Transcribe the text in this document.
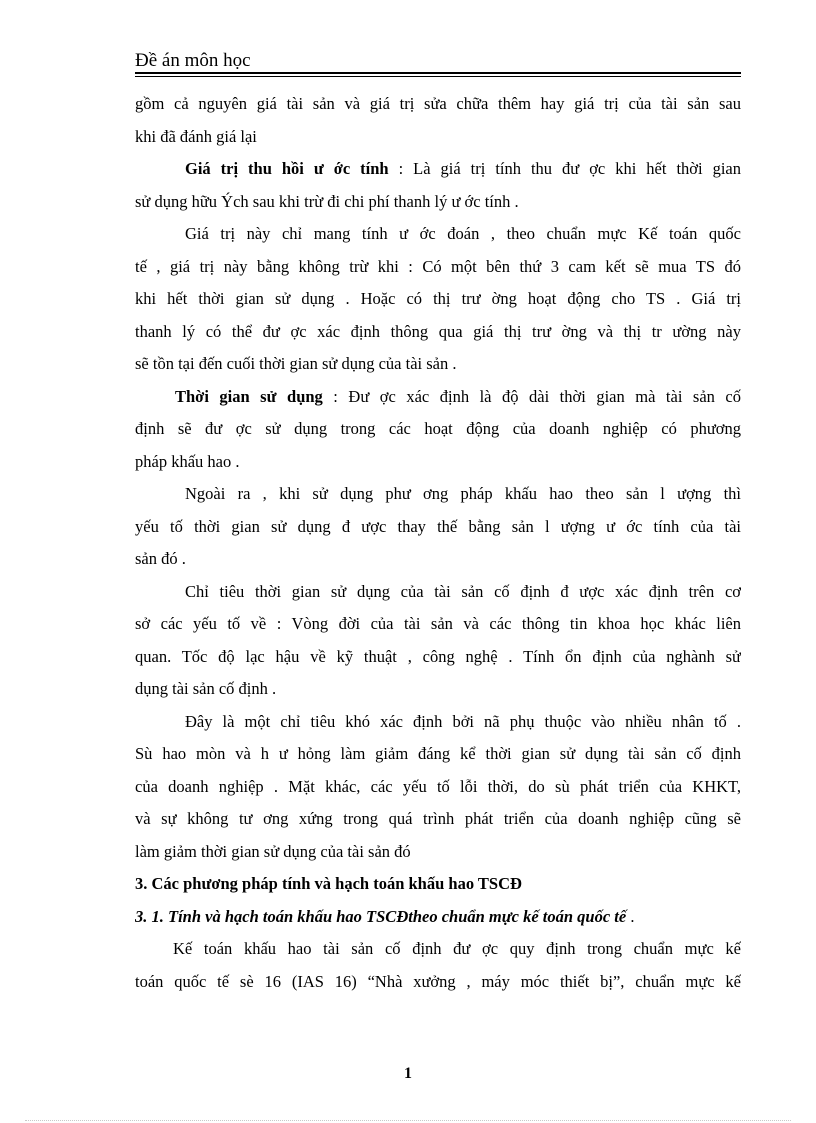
Đề án môn học
gồm cả nguyên giá tài sản và giá trị sửa chữa thêm hay giá trị của tài sản sau
khi đã đánh giá lại
Giá trị thu hồi ư ớc tính : Là giá trị tính thu đư ợc khi hết thời gian
sử dụng hữu Ých sau khi trừ đi chi phí thanh lý ư ớc tính .
Giá trị này chỉ mang tính ư ớc đoán , theo chuẩn mực Kế toán quốc
tế , giá trị này bằng không trừ khi : Có một bên thứ 3 cam kết sẽ mua TS đó
khi hết thời gian sử dụng . Hoặc có thị trư ờng hoạt động cho TS . Giá trị
thanh lý có thể đư ợc xác định thông qua giá thị trư ờng và thị tr ường này
sẽ tồn tại đến cuối thời gian sử dụng của tài sản .
Thời gian sử dụng : Đư ợc xác định là độ dài thời gian mà tài sản cố
định sẽ đư ợc sử dụng trong các hoạt động của doanh nghiệp có phương
pháp khấu hao .
Ngoài ra , khi sử dụng phư ơng pháp khấu hao theo sản l ượng thì
yếu tố thời gian sử dụng đ ược thay thế bằng sản l ượng ư ớc tính của tài
sản đó .
Chỉ tiêu thời gian sử dụng của tài sản cố định đ ược xác định trên cơ
sở các yếu tố về : Vòng đời của tài sản và các thông tin khoa học khác liên
quan. Tốc độ lạc hậu về kỹ thuật , công nghệ . Tính ổn định của nghành sử
dụng tài sản cố định .
Đây là một chỉ tiêu khó xác định bởi nã phụ thuộc vào nhiều nhân tố .
Sù hao mòn và h ư hỏng làm giảm đáng kể thời gian sử dụng tài sản cố định
của doanh nghiệp . Mặt khác, các yếu tố lỗi thời, do sù phát triển của KHKT,
và sự không tư ơng xứng trong quá trình phát triển của doanh nghiệp cũng sẽ
làm giảm thời gian sử dụng của tài sản đó
3. Các phương pháp tính và hạch toán khấu hao TSCĐ
3. 1. Tính và hạch toán khấu hao TSCĐtheo chuẩn mực kế toán quốc tế .
Kế toán khấu hao tài sản cố định đư ợc quy định trong chuẩn mực kế
toán quốc tế sè 16 (IAS 16) “Nhà xưởng , máy móc thiết bị”, chuẩn mực kế
1
